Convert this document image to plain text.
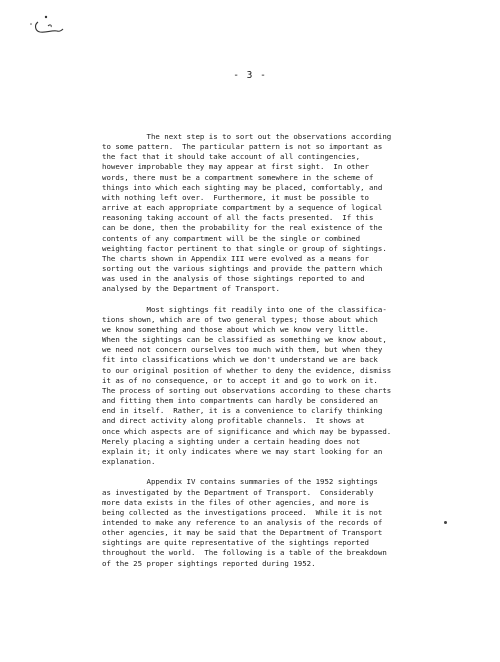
- 3 -

The next step is to sort out the observations according
to some pattern.  The particular pattern is not so important as
the fact that it should take account of all contingencies,
however improbable they may appear at first sight.  In other
words, there must be a compartment somewhere in the scheme of
things into which each sighting may be placed, comfortably, and
with nothing left over.  Furthermore, it must be possible to
arrive at each appropriate compartment by a sequence of logical
reasoning taking account of all the facts presented.  If this
can be done, then the probability for the real existence of the
contents of any compartment will be the single or combined
weighting factor pertinent to that single or group of sightings.
The charts shown in Appendix III were evolved as a means for
sorting out the various sightings and provide the pattern which
was used in the analysis of those sightings reported to and
analysed by the Department of Transport.

Most sightings fit readily into one of the classifica-
tions shown, which are of two general types; those about which
we know something and those about which we know very little.
When the sightings can be classified as something we know about,
we need not concern ourselves too much with them, but when they
fit into classifications which we don't understand we are back
to our original position of whether to deny the evidence, dismiss
it as of no consequence, or to accept it and go to work on it.
The process of sorting out observations according to these charts
and fitting them into compartments can hardly be considered an
end in itself.  Rather, it is a convenience to clarify thinking
and direct activity along profitable channels.  It shows at
once which aspects are of significance and which may be bypassed.
Merely placing a sighting under a certain heading does not
explain it; it only indicates where we may start looking for an
explanation.

Appendix IV contains summaries of the 1952 sightings
as investigated by the Department of Transport.  Considerably
more data exists in the files of other agencies, and more is
being collected as the investigations proceed.  While it is not
intended to make any reference to an analysis of the records of
other agencies, it may be said that the Department of Transport
sightings are quite representative of the sightings reported
throughout the world.  The following is a table of the breakdown
of the 25 proper sightings reported during 1952.
